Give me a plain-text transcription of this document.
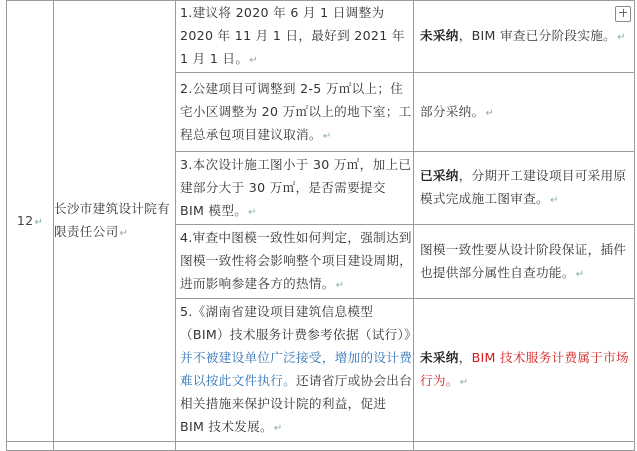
12↵	长沙市建筑设计院有限责任公司↵	1.建议将 2020 年 6 月 1 日调整为 2020 年 11 月 1 日，最好到 2021 年 1 月 1 日。↵	未采纳，BIM 审查已分阶段实施。↵

		2.公建项目可调整到 2-5 万㎡以上；住宅小区调整为 20 万㎡以上的地下室；工程总承包项目建议取消。↵	部分采纳。↵

		3.本次设计施工图小于 30 万㎡，加上已建部分大于 30 万㎡，是否需要提交 BIM 模型。↵	已采纳，分期开工建设项目可采用原模式完成施工图审查。↵

		4.审查中图模一致性如何判定，强制达到图模一致性将会影响整个项目建设周期，进而影响参建各方的热情。↵	图模一致性要从设计阶段保证，插件也提供部分属性自查功能。↵

		5.《湖南省建设项目建筑信息模型（BIM）技术服务计费参考依据（试行）》并不被建设单位广泛接受，增加的设计费难以按此文件执行。还请省厅或协会出台相关措施来保护设计院的利益，促进 BIM 技术发展。↵	未采纳，BIM 技术服务计费属于市场行为。↵
